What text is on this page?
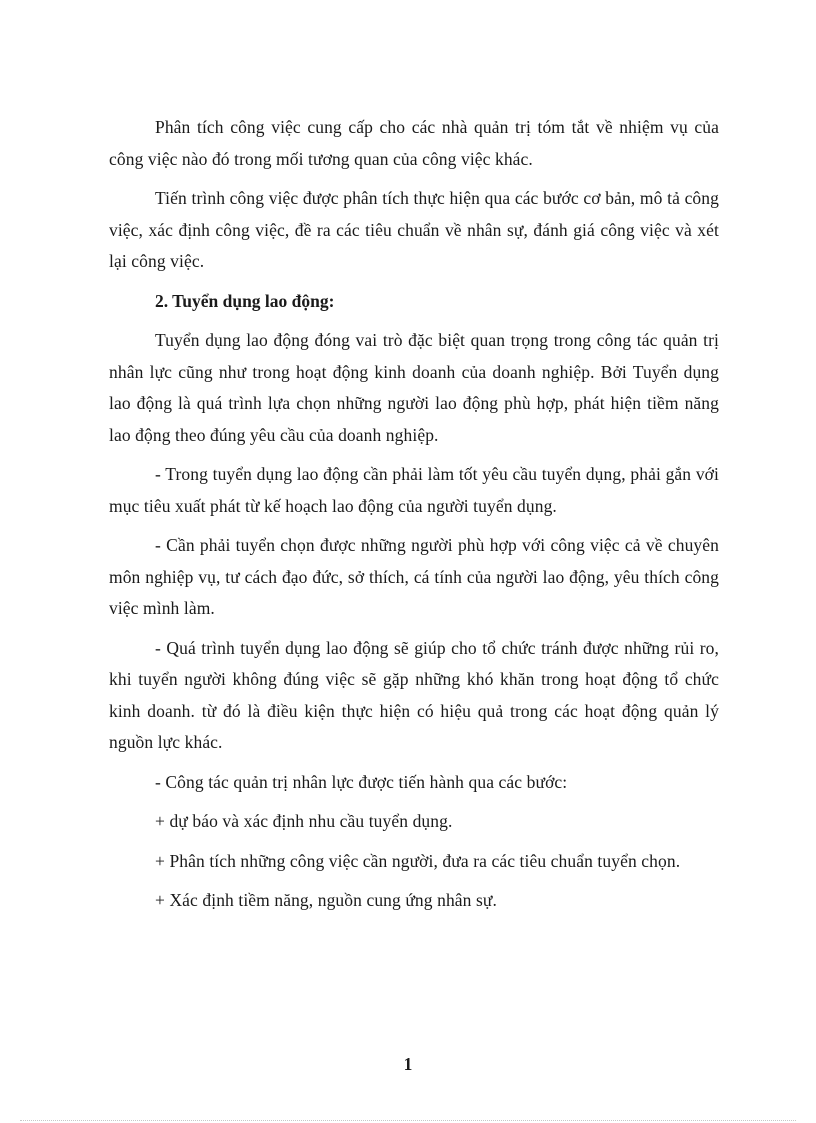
Phân tích công việc cung cấp cho các nhà quản trị tóm tắt về nhiệm vụ của công việc nào đó trong mối tương quan của công việc khác.

Tiến trình công việc được phân tích thực hiện qua các bước cơ bản, mô tả công việc, xác định công việc, đề ra các tiêu chuẩn về nhân sự, đánh giá công việc và xét lại công việc.

2. Tuyển dụng lao động:

Tuyển dụng lao động đóng vai trò đặc biệt quan trọng trong công tác quản trị nhân lực cũng như trong hoạt động kinh doanh của doanh nghiệp. Bởi Tuyển dụng lao động là quá trình lựa chọn những người lao động phù hợp, phát hiện tiềm năng lao động theo đúng yêu cầu của doanh nghiệp.

- Trong tuyển dụng lao động cần phải làm tốt yêu cầu tuyển dụng, phải gắn với mục tiêu xuất phát từ kế hoạch lao động của người tuyển dụng.

- Cần phải tuyển chọn được những người phù hợp với công việc cả về chuyên môn nghiệp vụ, tư cách đạo đức, sở thích, cá tính của người lao động, yêu thích công việc mình làm.

- Quá trình tuyển dụng lao động sẽ giúp cho tổ chức tránh được những rủi ro, khi tuyển người không đúng việc sẽ gặp những khó khăn trong hoạt động tổ chức kinh doanh. từ đó là điều kiện thực hiện có hiệu quả trong các hoạt động quản lý nguồn lực khác.

- Công tác quản trị nhân lực được tiến hành qua các bước:

+ dự báo và xác định nhu cầu tuyển dụng.

+ Phân tích những công việc cần người, đưa ra các tiêu chuẩn tuyển chọn.

+ Xác định tiềm năng, nguồn cung ứng nhân sự.

1
